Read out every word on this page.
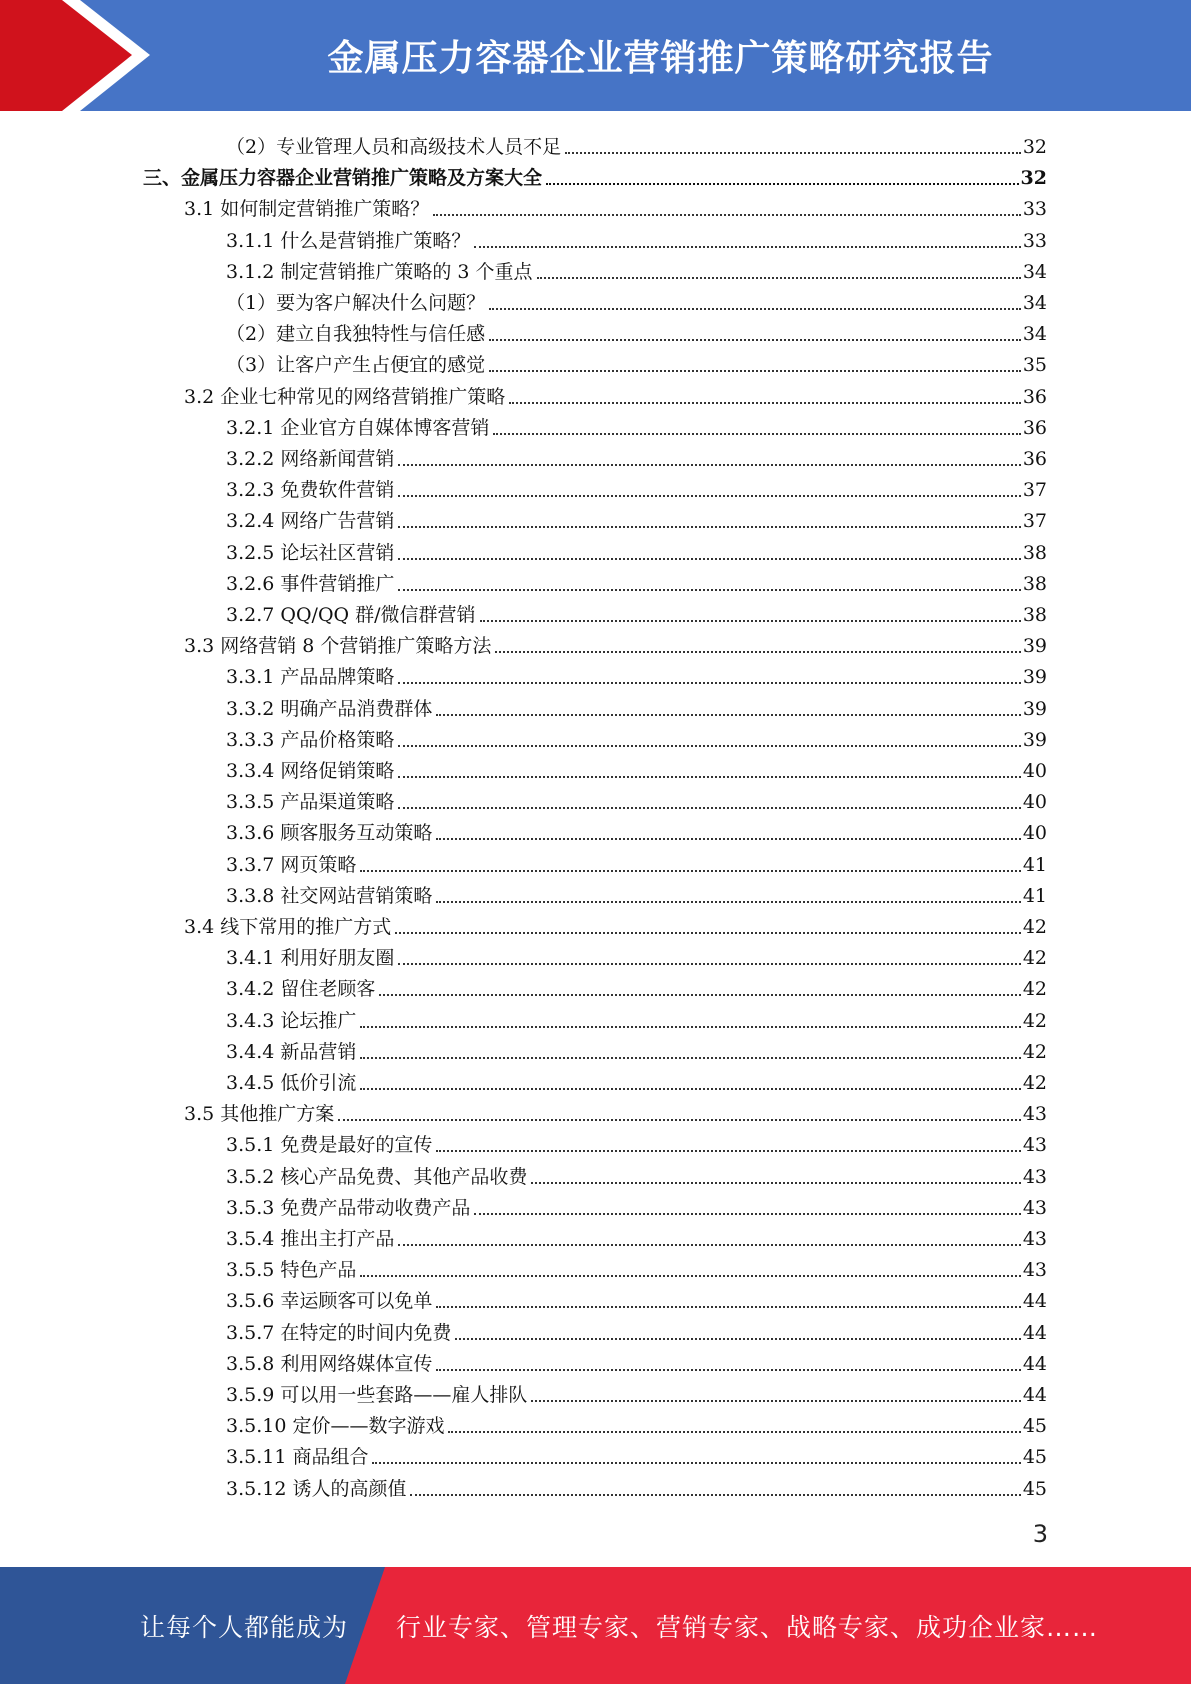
金属压力容器企业营销推广策略研究报告
（2）专业管理人员和高级技术人员不足	32
三、金属压力容器企业营销推广策略及方案大全	32
3.1 如何制定营销推广策略？	33
3.1.1 什么是营销推广策略？	33
3.1.2 制定营销推广策略的 3 个重点	34
（1）要为客户解决什么问题？	34
（2）建立自我独特性与信任感	34
（3）让客户产生占便宜的感觉	35
3.2 企业七种常见的网络营销推广策略	36
3.2.1 企业官方自媒体博客营销	36
3.2.2 网络新闻营销	36
3.2.3 免费软件营销	37
3.2.4 网络广告营销	37
3.2.5 论坛社区营销	38
3.2.6 事件营销推广	38
3.2.7 QQ/QQ 群/微信群营销	38
3.3 网络营销 8 个营销推广策略方法	39
3.3.1 产品品牌策略	39
3.3.2 明确产品消费群体	39
3.3.3 产品价格策略	39
3.3.4 网络促销策略	40
3.3.5 产品渠道策略	40
3.3.6 顾客服务互动策略	40
3.3.7 网页策略	41
3.3.8 社交网站营销策略	41
3.4 线下常用的推广方式	42
3.4.1 利用好朋友圈	42
3.4.2 留住老顾客	42
3.4.3 论坛推广	42
3.4.4 新品营销	42
3.4.5 低价引流	42
3.5 其他推广方案	43
3.5.1 免费是最好的宣传	43
3.5.2 核心产品免费、其他产品收费	43
3.5.3 免费产品带动收费产品	43
3.5.4 推出主打产品	43
3.5.5 特色产品	43
3.5.6 幸运顾客可以免单	44
3.5.7 在特定的时间内免费	44
3.5.8 利用网络媒体宣传	44
3.5.9 可以用一些套路——雇人排队	44
3.5.10 定价——数字游戏	45
3.5.11 商品组合	45
3.5.12 诱人的高颜值	45
3
让每个人都能成为 行业专家、管理专家、营销专家、战略专家、成功企业家……
